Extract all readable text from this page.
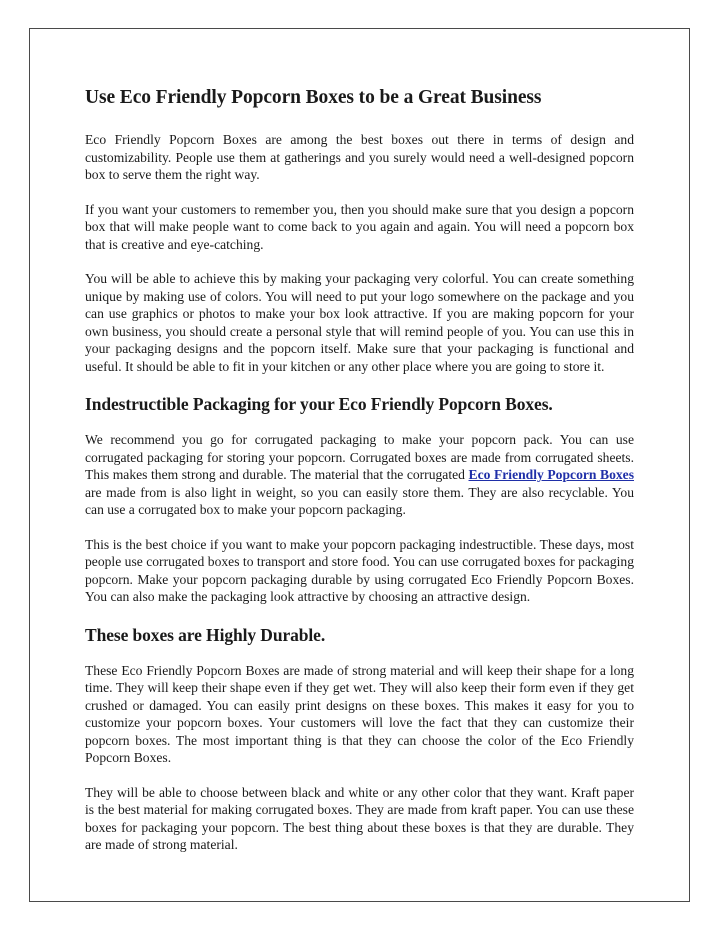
Use Eco Friendly Popcorn Boxes to be a Great Business

Eco Friendly Popcorn Boxes are among the best boxes out there in terms of design and customizability. People use them at gatherings and you surely would need a well-designed popcorn box to serve them the right way.

If you want your customers to remember you, then you should make sure that you design a popcorn box that will make people want to come back to you again and again. You will need a popcorn box that is creative and eye-catching.

You will be able to achieve this by making your packaging very colorful. You can create something unique by making use of colors. You will need to put your logo somewhere on the package and you can use graphics or photos to make your box look attractive. If you are making popcorn for your own business, you should create a personal style that will remind people of you. You can use this in your packaging designs and the popcorn itself. Make sure that your packaging is functional and useful. It should be able to fit in your kitchen or any other place where you are going to store it.

Indestructible Packaging for your Eco Friendly Popcorn Boxes.

We recommend you go for corrugated packaging to make your popcorn pack. You can use corrugated packaging for storing your popcorn. Corrugated boxes are made from corrugated sheets. This makes them strong and durable. The material that the corrugated Eco Friendly Popcorn Boxes are made from is also light in weight, so you can easily store them. They are also recyclable. You can use a corrugated box to make your popcorn packaging.

This is the best choice if you want to make your popcorn packaging indestructible. These days, most people use corrugated boxes to transport and store food. You can use corrugated boxes for packaging popcorn. Make your popcorn packaging durable by using corrugated Eco Friendly Popcorn Boxes. You can also make the packaging look attractive by choosing an attractive design.

These boxes are Highly Durable.

These Eco Friendly Popcorn Boxes are made of strong material and will keep their shape for a long time. They will keep their shape even if they get wet. They will also keep their form even if they get crushed or damaged. You can easily print designs on these boxes. This makes it easy for you to customize your popcorn boxes. Your customers will love the fact that they can customize their popcorn boxes. The most important thing is that they can choose the color of the Eco Friendly Popcorn Boxes.

They will be able to choose between black and white or any other color that they want. Kraft paper is the best material for making corrugated boxes. They are made from kraft paper. You can use these boxes for packaging your popcorn. The best thing about these boxes is that they are durable. They are made of strong material.
